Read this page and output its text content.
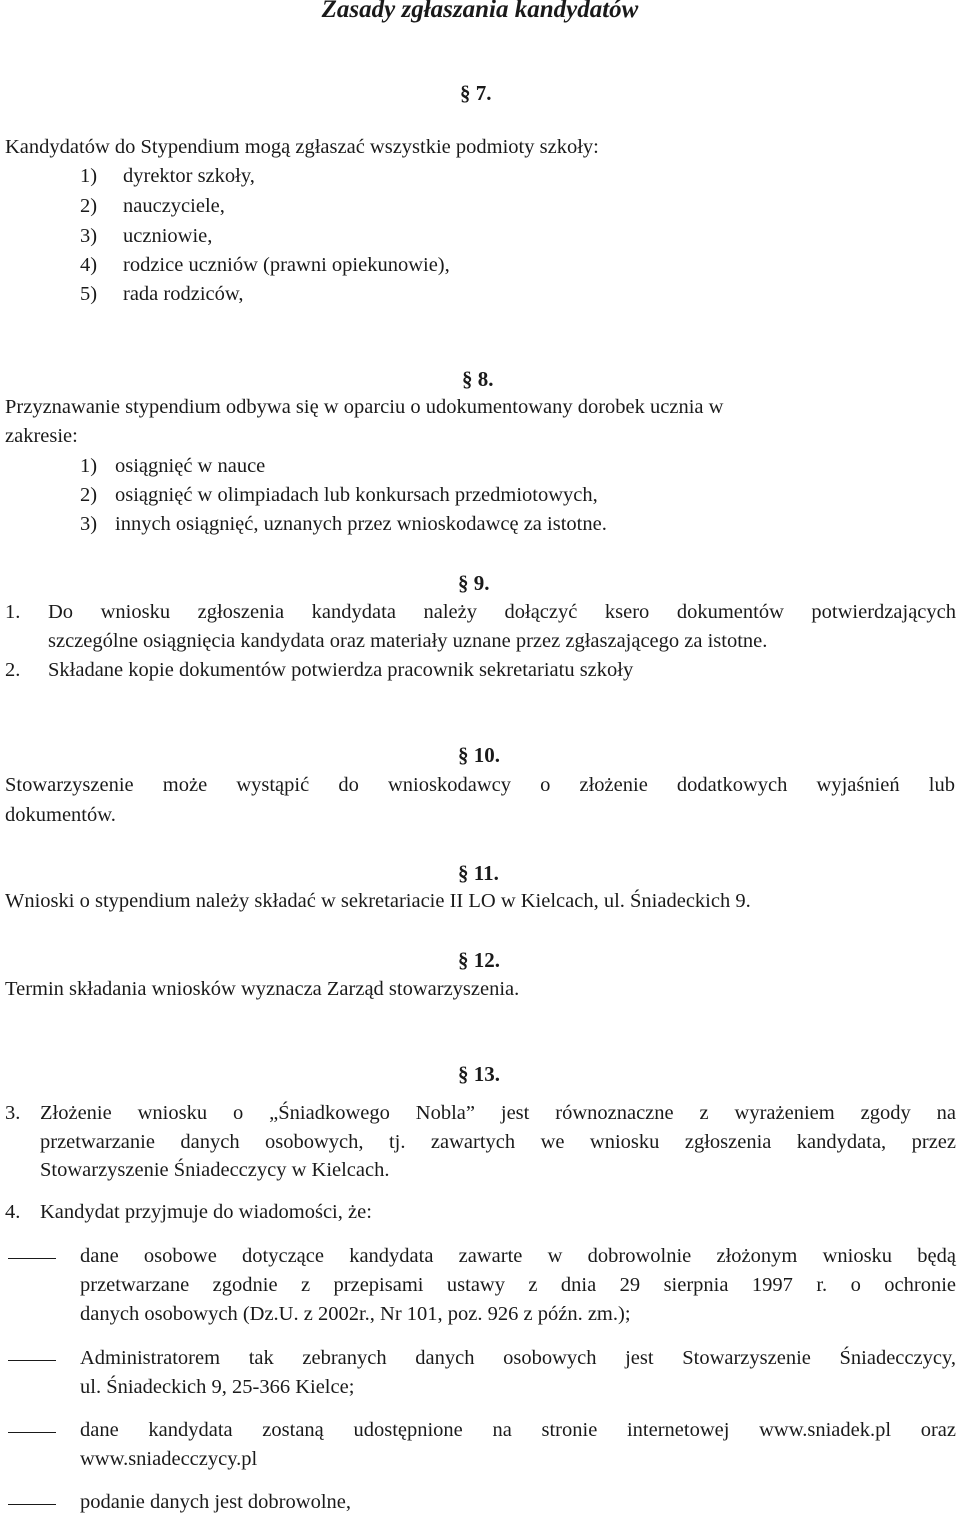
Zasady zgłaszania kandydatów
§ 7.
Kandydatów do Stypendium mogą zgłaszać wszystkie podmioty szkoły:
1) dyrektor szkoły,
2) nauczyciele,
3) uczniowie,
4) rodzice uczniów (prawni opiekunowie),
5) rada rodziców,
§ 8.
Przyznawanie stypendium odbywa się w oparciu o udokumentowany dorobek ucznia w
zakresie:
1) osiągnięć w nauce
2) osiągnięć w olimpiadach lub konkursach przedmiotowych,
3) innych osiągnięć, uznanych przez wnioskodawcę za istotne.
§ 9.
1. Do wniosku zgłoszenia kandydata należy dołączyć ksero dokumentów potwierdzających
szczególne osiągnięcia kandydata oraz materiały uznane przez zgłaszającego za istotne.
2. Składane kopie dokumentów potwierdza pracownik sekretariatu szkoły
§ 10.
Stowarzyszenie może wystąpić do wnioskodawcy o złożenie dodatkowych wyjaśnień lub
dokumentów.
§ 11.
Wnioski o stypendium należy składać w sekretariacie II LO w Kielcach, ul. Śniadeckich 9.
§ 12.
Termin składania wniosków wyznacza Zarząd stowarzyszenia.
§ 13.
3. Złożenie wniosku o „Śniadkowego Nobla” jest równoznaczne z wyrażeniem zgody na
przetwarzanie danych osobowych, tj. zawartych we wniosku zgłoszenia kandydata, przez
Stowarzyszenie Śniadecczycy w Kielcach.
4. Kandydat przyjmuje do wiadomości, że:
dane osobowe dotyczące kandydata zawarte w dobrowolnie złożonym wniosku będą
przetwarzane zgodnie z przepisami ustawy z dnia 29 sierpnia 1997 r. o ochronie
danych osobowych (Dz.U. z 2002r., Nr 101, poz. 926 z późn. zm.);
Administratorem tak zebranych danych osobowych jest Stowarzyszenie Śniadecczycy,
ul. Śniadeckich 9, 25-366 Kielce;
dane kandydata zostaną udostępnione na stronie internetowej www.sniadek.pl oraz
www.sniadecczycy.pl
podanie danych jest dobrowolne,
